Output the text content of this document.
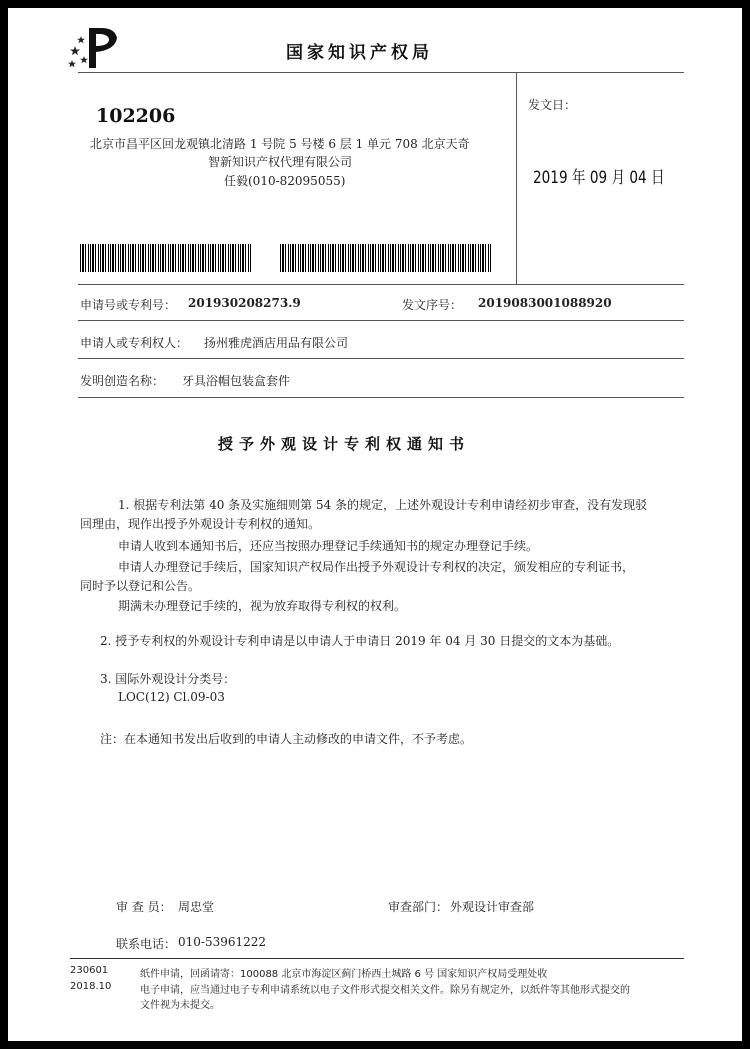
国家知识产权局
102206
北京市昌平区回龙观镇北清路 1 号院 5 号楼 6 层 1 单元 708 北京天奇
智新知识产权代理有限公司
任毅(010-82095055)
发文日：
2019 年 09 月 04 日
申请号或专利号： 201930208273.9	发文序号： 2019083001088920
申请人或专利权人： 扬州雅虎酒店用品有限公司
发明创造名称： 牙具浴帽包装盒套件
授予外观设计专利权通知书
1. 根据专利法第 40 条及实施细则第 54 条的规定，上述外观设计专利申请经初步审查，没有发现驳
回理由，现作出授予外观设计专利权的通知。
申请人收到本通知书后，还应当按照办理登记手续通知书的规定办理登记手续。
申请人办理登记手续后，国家知识产权局作出授予外观设计专利权的决定，颁发相应的专利证书，
同时予以登记和公告。
期满未办理登记手续的，视为放弃取得专利权的权利。
2. 授予专利权的外观设计专利申请是以申请人于申请日 2019 年 04 月 30 日提交的文本为基础。
3. 国际外观设计分类号：
LOC(12) Cl.09-03
注：在本通知书发出后收到的申请人主动修改的申请文件，不予考虑。
审 查 员： 周忠堂	审查部门： 外观设计审查部
联系电话： 010-53961222
230601
2018.10
纸件申请，回函请寄：100088 北京市海淀区蓟门桥西土城路 6 号 国家知识产权局受理处收
电子申请，应当通过电子专利申请系统以电子文件形式提交相关文件。除另有规定外，以纸件等其他形式提交的
文件视为未提交。
